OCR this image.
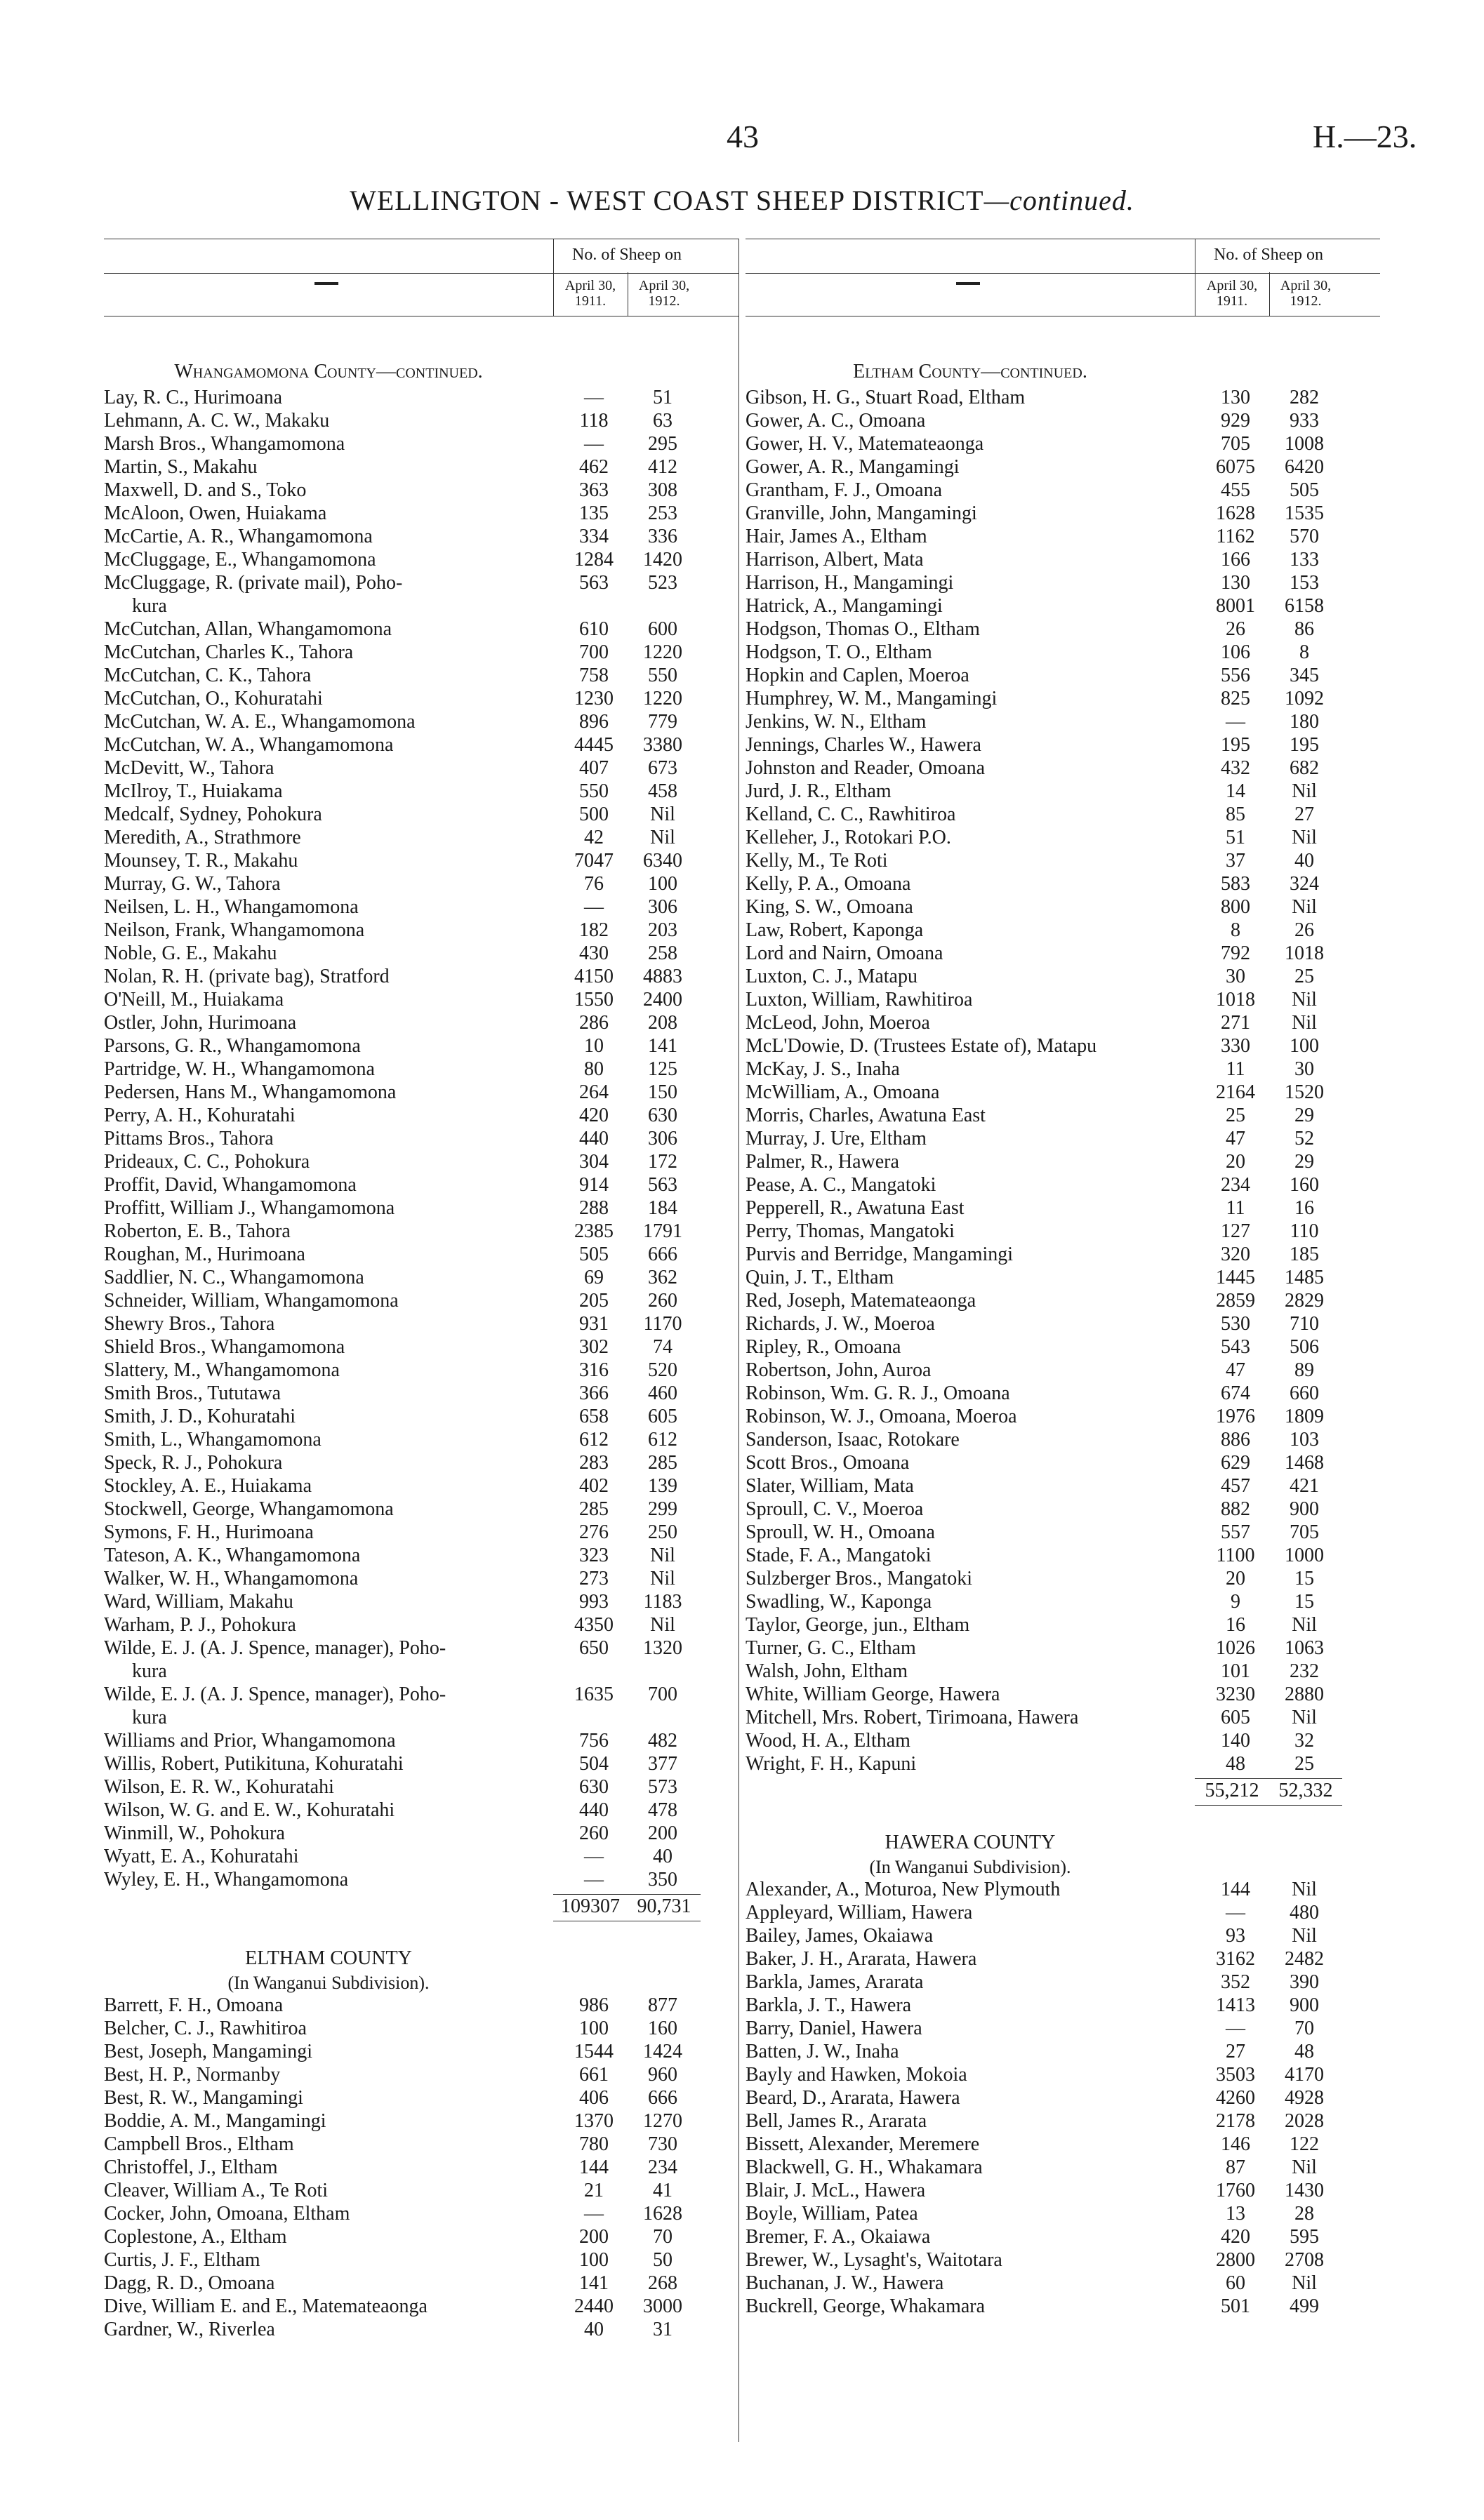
43	H.—23.
WELLINGTON - WEST COAST SHEEP DISTRICT—continued.
No. of Sheep on
April 30,
1911.
April 30,
1912.
Whangamomona County—continued.
Lay, R. C., Hurimoana	—	51
Lehmann, A. C. W., Makaku	118	63
Marsh Bros., Whangamomona	—	295
Martin, S., Makahu	462	412
Maxwell, D. and S., Toko	363	308
McAloon, Owen, Huiakama	135	253
McCartie, A. R., Whangamomona	334	336
McCluggage, E., Whangamomona	1284	1420
McCluggage, R. (private mail), Poho-	563	523
kura
McCutchan, Allan, Whangamomona	610	600
McCutchan, Charles K., Tahora	700	1220
McCutchan, C. K., Tahora	758	550
McCutchan, O., Kohuratahi	1230	1220
McCutchan, W. A. E., Whangamomona	896	779
McCutchan, W. A., Whangamomona	4445	3380
McDevitt, W., Tahora	407	673
McIlroy, T., Huiakama	550	458
Medcalf, Sydney, Pohokura	500	Nil
Meredith, A., Strathmore	42	Nil
Mounsey, T. R., Makahu	7047	6340
Murray, G. W., Tahora	76	100
Neilsen, L. H., Whangamomona	—	306
Neilson, Frank, Whangamomona	182	203
Noble, G. E., Makahu	430	258
Nolan, R. H. (private bag), Stratford	4150	4883
O'Neill, M., Huiakama	1550	2400
Ostler, John, Hurimoana	286	208
Parsons, G. R., Whangamomona	10	141
Partridge, W. H., Whangamomona	80	125
Pedersen, Hans M., Whangamomona	264	150
Perry, A. H., Kohuratahi	420	630
Pittams Bros., Tahora	440	306
Prideaux, C. C., Pohokura	304	172
Proffit, David, Whangamomona	914	563
Proffitt, William J., Whangamomona	288	184
Roberton, E. B., Tahora	2385	1791
Roughan, M., Hurimoana	505	666
Saddlier, N. C., Whangamomona	69	362
Schneider, William, Whangamomona	205	260
Shewry Bros., Tahora	931	1170
Shield Bros., Whangamomona	302	74
Slattery, M., Whangamomona	316	520
Smith Bros., Tututawa	366	460
Smith, J. D., Kohuratahi	658	605
Smith, L., Whangamomona	612	612
Speck, R. J., Pohokura	283	285
Stockley, A. E., Huiakama	402	139
Stockwell, George, Whangamomona	285	299
Symons, F. H., Hurimoana	276	250
Tateson, A. K., Whangamomona	323	Nil
Walker, W. H., Whangamomona	273	Nil
Ward, William, Makahu	993	1183
Warham, P. J., Pohokura	4350	Nil
Wilde, E. J. (A. J. Spence, manager), Poho-	650	1320
kura
Wilde, E. J. (A. J. Spence, manager), Poho-	1635	700
kura
Williams and Prior, Whangamomona	756	482
Willis, Robert, Putikituna, Kohuratahi	504	377
Wilson, E. R. W., Kohuratahi	630	573
Wilson, W. G. and E. W., Kohuratahi	440	478
Winmill, W., Pohokura	260	200
Wyatt, E. A., Kohuratahi	—	40
Wyley, E. H., Whangamomona	—	350
109307 90,731
ELTHAM COUNTY
(In Wanganui Subdivision).
Barrett, F. H., Omoana	986	877
Belcher, C. J., Rawhitiroa	100	160
Best, Joseph, Mangamingi	1544	1424
Best, H. P., Normanby	661	960
Best, R. W., Mangamingi	406	666
Boddie, A. M., Mangamingi	1370	1270
Campbell Bros., Eltham	780	730
Christoffel, J., Eltham	144	234
Cleaver, William A., Te Roti	21	41
Cocker, John, Omoana, Eltham	—	1628
Coplestone, A., Eltham	200	70
Curtis, J. F., Eltham	100	50
Dagg, R. D., Omoana	141	268
Dive, William E. and E., Matemateaonga	2440	3000
Gardner, W., Riverlea	40	31
No. of Sheep on
April 30,
1911.
April 30,
1912.
Eltham County—continued.
Gibson, H. G., Stuart Road, Eltham	130	282
Gower, A. C., Omoana	929	933
Gower, H. V., Matemateaonga	705	1008
Gower, A. R., Mangamingi	6075	6420
Grantham, F. J., Omoana	455	505
Granville, John, Mangamingi	1628	1535
Hair, James A., Eltham	1162	570
Harrison, Albert, Mata	166	133
Harrison, H., Mangamingi	130	153
Hatrick, A., Mangamingi	8001	6158
Hodgson, Thomas O., Eltham	26	86
Hodgson, T. O., Eltham	106	8
Hopkin and Caplen, Moeroa	556	345
Humphrey, W. M., Mangamingi	825	1092
Jenkins, W. N., Eltham	—	180
Jennings, Charles W., Hawera	195	195
Johnston and Reader, Omoana	432	682
Jurd, J. R., Eltham	14	Nil
Kelland, C. C., Rawhitiroa	85	27
Kelleher, J., Rotokari P.O.	51	Nil
Kelly, M., Te Roti	37	40
Kelly, P. A., Omoana	583	324
King, S. W., Omoana	800	Nil
Law, Robert, Kaponga	8	26
Lord and Nairn, Omoana	792	1018
Luxton, C. J., Matapu	30	25
Luxton, William, Rawhitiroa	1018	Nil
McLeod, John, Moeroa	271	Nil
McL'Dowie, D. (Trustees Estate of), Matapu	330	100
McKay, J. S., Inaha	11	30
McWilliam, A., Omoana	2164	1520
Morris, Charles, Awatuna East	25	29
Murray, J. Ure, Eltham	47	52
Palmer, R., Hawera	20	29
Pease, A. C., Mangatoki	234	160
Pepperell, R., Awatuna East	11	16
Perry, Thomas, Mangatoki	127	110
Purvis and Berridge, Mangamingi	320	185
Quin, J. T., Eltham	1445	1485
Red, Joseph, Matemateaonga	2859	2829
Richards, J. W., Moeroa	530	710
Ripley, R., Omoana	543	506
Robertson, John, Auroa	47	89
Robinson, Wm. G. R. J., Omoana	674	660
Robinson, W. J., Omoana, Moeroa	1976	1809
Sanderson, Isaac, Rotokare	886	103
Scott Bros., Omoana	629	1468
Slater, William, Mata	457	421
Sproull, C. V., Moeroa	882	900
Sproull, W. H., Omoana	557	705
Stade, F. A., Mangatoki	1100	1000
Sulzberger Bros., Mangatoki	20	15
Swadling, W., Kaponga	9	15
Taylor, George, jun., Eltham	16	Nil
Turner, G. C., Eltham	1026	1063
Walsh, John, Eltham	101	232
White, William George, Hawera	3230	2880
Mitchell, Mrs. Robert, Tirimoana, Hawera	605	Nil
Wood, H. A., Eltham	140	32
Wright, F. H., Kapuni	48	25
55,212	52,332
HAWERA COUNTY
(In Wanganui Subdivision).
Alexander, A., Moturoa, New Plymouth	144	Nil
Appleyard, William, Hawera	—	480
Bailey, James, Okaiawa	93	Nil
Baker, J. H., Ararata, Hawera	3162	2482
Barkla, James, Ararata	352	390
Barkla, J. T., Hawera	1413	900
Barry, Daniel, Hawera	—	70
Batten, J. W., Inaha	27	48
Bayly and Hawken, Mokoia	3503	4170
Beard, D., Ararata, Hawera	4260	4928
Bell, James R., Ararata	2178	2028
Bissett, Alexander, Meremere	146	122
Blackwell, G. H., Whakamara	87	Nil
Blair, J. McL., Hawera	1760	1430
Boyle, William, Patea	13	28
Bremer, F. A., Okaiawa	420	595
Brewer, W., Lysaght's, Waitotara	2800	2708
Buchanan, J. W., Hawera	60	Nil
Buckrell, George, Whakamara	501	499
